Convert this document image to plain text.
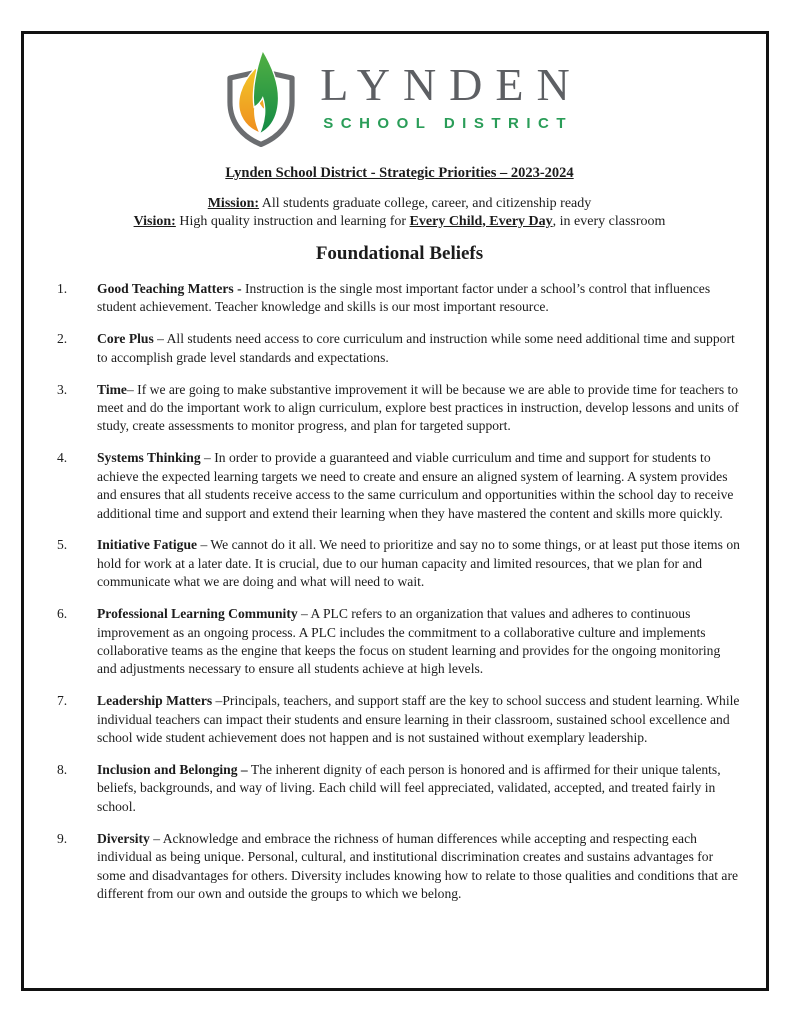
LYNDEN
SCHOOL DISTRICT
Lynden School District - Strategic Priorities – 2023-2024
Mission: All students graduate college, career, and citizenship ready
Vision: High quality instruction and learning for Every Child, Every Day, in every classroom
Foundational Beliefs
1.	Good Teaching Matters - Instruction is the single most important factor under a school’s control that influences student achievement. Teacher knowledge and skills is our most important resource.
2.	Core Plus – All students need access to core curriculum and instruction while some need additional time and support to accomplish grade level standards and expectations.
3.	Time– If we are going to make substantive improvement it will be because we are able to provide time for teachers to meet and do the important work to align curriculum, explore best practices in instruction, develop lessons and units of study, create assessments to monitor progress, and plan for targeted support.
4.	Systems Thinking – In order to provide a guaranteed and viable curriculum and time and support for students to achieve the expected learning targets we need to create and ensure an aligned system of learning. A system provides and ensures that all students receive access to the same curriculum and opportunities within the school day to receive additional time and support and extend their learning when they have mastered the content and skills more quickly.
5.	Initiative Fatigue – We cannot do it all. We need to prioritize and say no to some things, or at least put those items on hold for work at a later date. It is crucial, due to our human capacity and limited resources, that we plan for and communicate what we are doing and what will need to wait.
6.	Professional Learning Community – A PLC refers to an organization that values and adheres to continuous improvement as an ongoing process. A PLC includes the commitment to a collaborative culture and implements collaborative teams as the engine that keeps the focus on student learning and provides for the ongoing monitoring and adjustments necessary to ensure all students achieve at high levels.
7.	Leadership Matters –Principals, teachers, and support staff are the key to school success and student learning. While individual teachers can impact their students and ensure learning in their classroom, sustained school excellence and school wide student achievement does not happen and is not sustained without exemplary leadership.
8.	Inclusion and Belonging – The inherent dignity of each person is honored and is affirmed for their unique talents, beliefs, backgrounds, and way of living. Each child will feel appreciated, validated, accepted, and treated fairly in school.
9.	Diversity – Acknowledge and embrace the richness of human differences while accepting and respecting each individual as being unique. Personal, cultural, and institutional discrimination creates and sustains advantages for some and disadvantages for others. Diversity includes knowing how to relate to those qualities and conditions that are different from our own and outside the groups to which we belong.
